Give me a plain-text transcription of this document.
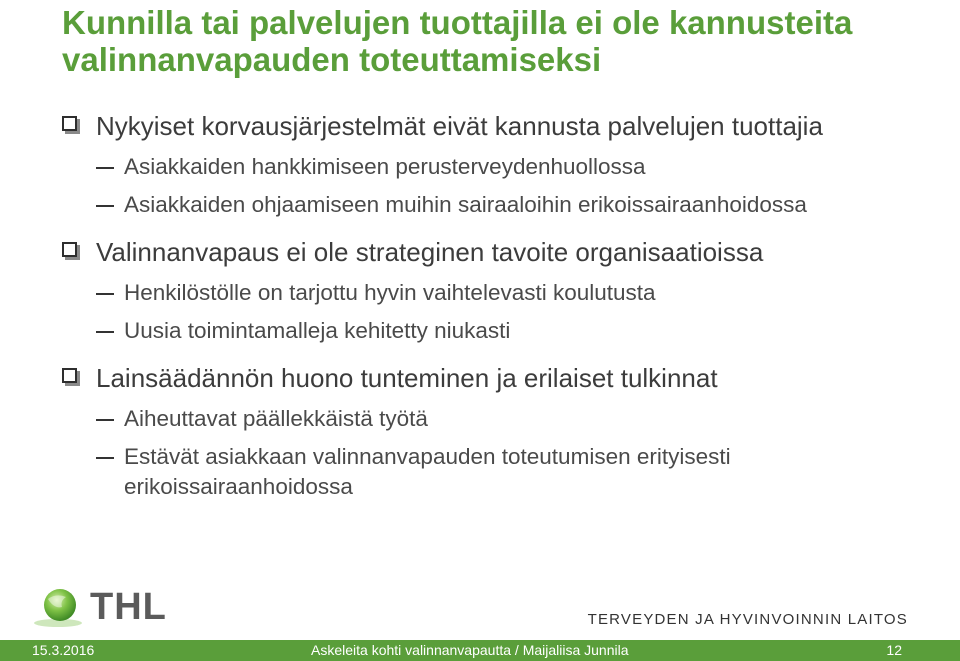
Kunnilla tai palvelujen tuottajilla ei ole kannusteita valinnanvapauden toteuttamiseksi
Nykyiset korvausjärjestelmät eivät kannusta palvelujen tuottajia
Asiakkaiden hankkimiseen perusterveydenhuollossa
Asiakkaiden ohjaamiseen muihin sairaaloihin erikoissairaanhoidossa
Valinnanvapaus ei ole strateginen tavoite organisaatioissa
Henkilöstölle on tarjottu hyvin vaihtelevasti koulutusta
Uusia toimintamalleja kehitetty niukasti
Lainsäädännön huono tunteminen ja erilaiset tulkinnat
Aiheuttavat päällekkäistä työtä
Estävät asiakkaan valinnanvapauden toteutumisen erityisesti erikoissairaanhoidossa
THL	TERVEYDEN JA HYVINVOINNIN LAITOS
15.3.2016	Askeleita kohti valinnanvapautta / Maijaliisa Junnila	12
